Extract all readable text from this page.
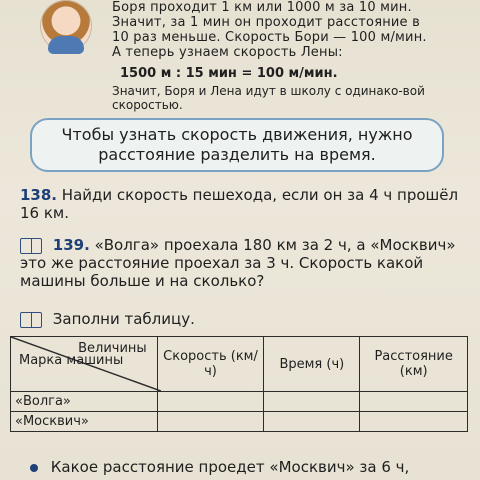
Боря проходит 1 км или 1000 м за 10 мин.

Значит, за 1 мин он проходит расстояние в

10 раз меньше. Скорость Бори — 100 м/мин.

А теперь узнаем скорость Лены:

1500 м : 15 мин = 100 м/мин.
Значит, Боря и Лена идут в школу с одинако-вой скоростью.
Чтобы узнать скорость движения, нужно расстояние разделить на время.
138. Найди скорость пешехода, если он за 4 ч прошёл 16 км.
139. «Волга» проехала 180 км за 2 ч, а «Москвич» это же расстояние проехал за 3 ч. Скорость какой машины больше и на сколько?
Заполни таблицу.
Величины
Марка машины	Скорость (км/ч)	Время (ч)	Расстояние (км)
«Волга»			
«Москвич»			
Какое расстояние проедет «Москвич» за 6 ч,
